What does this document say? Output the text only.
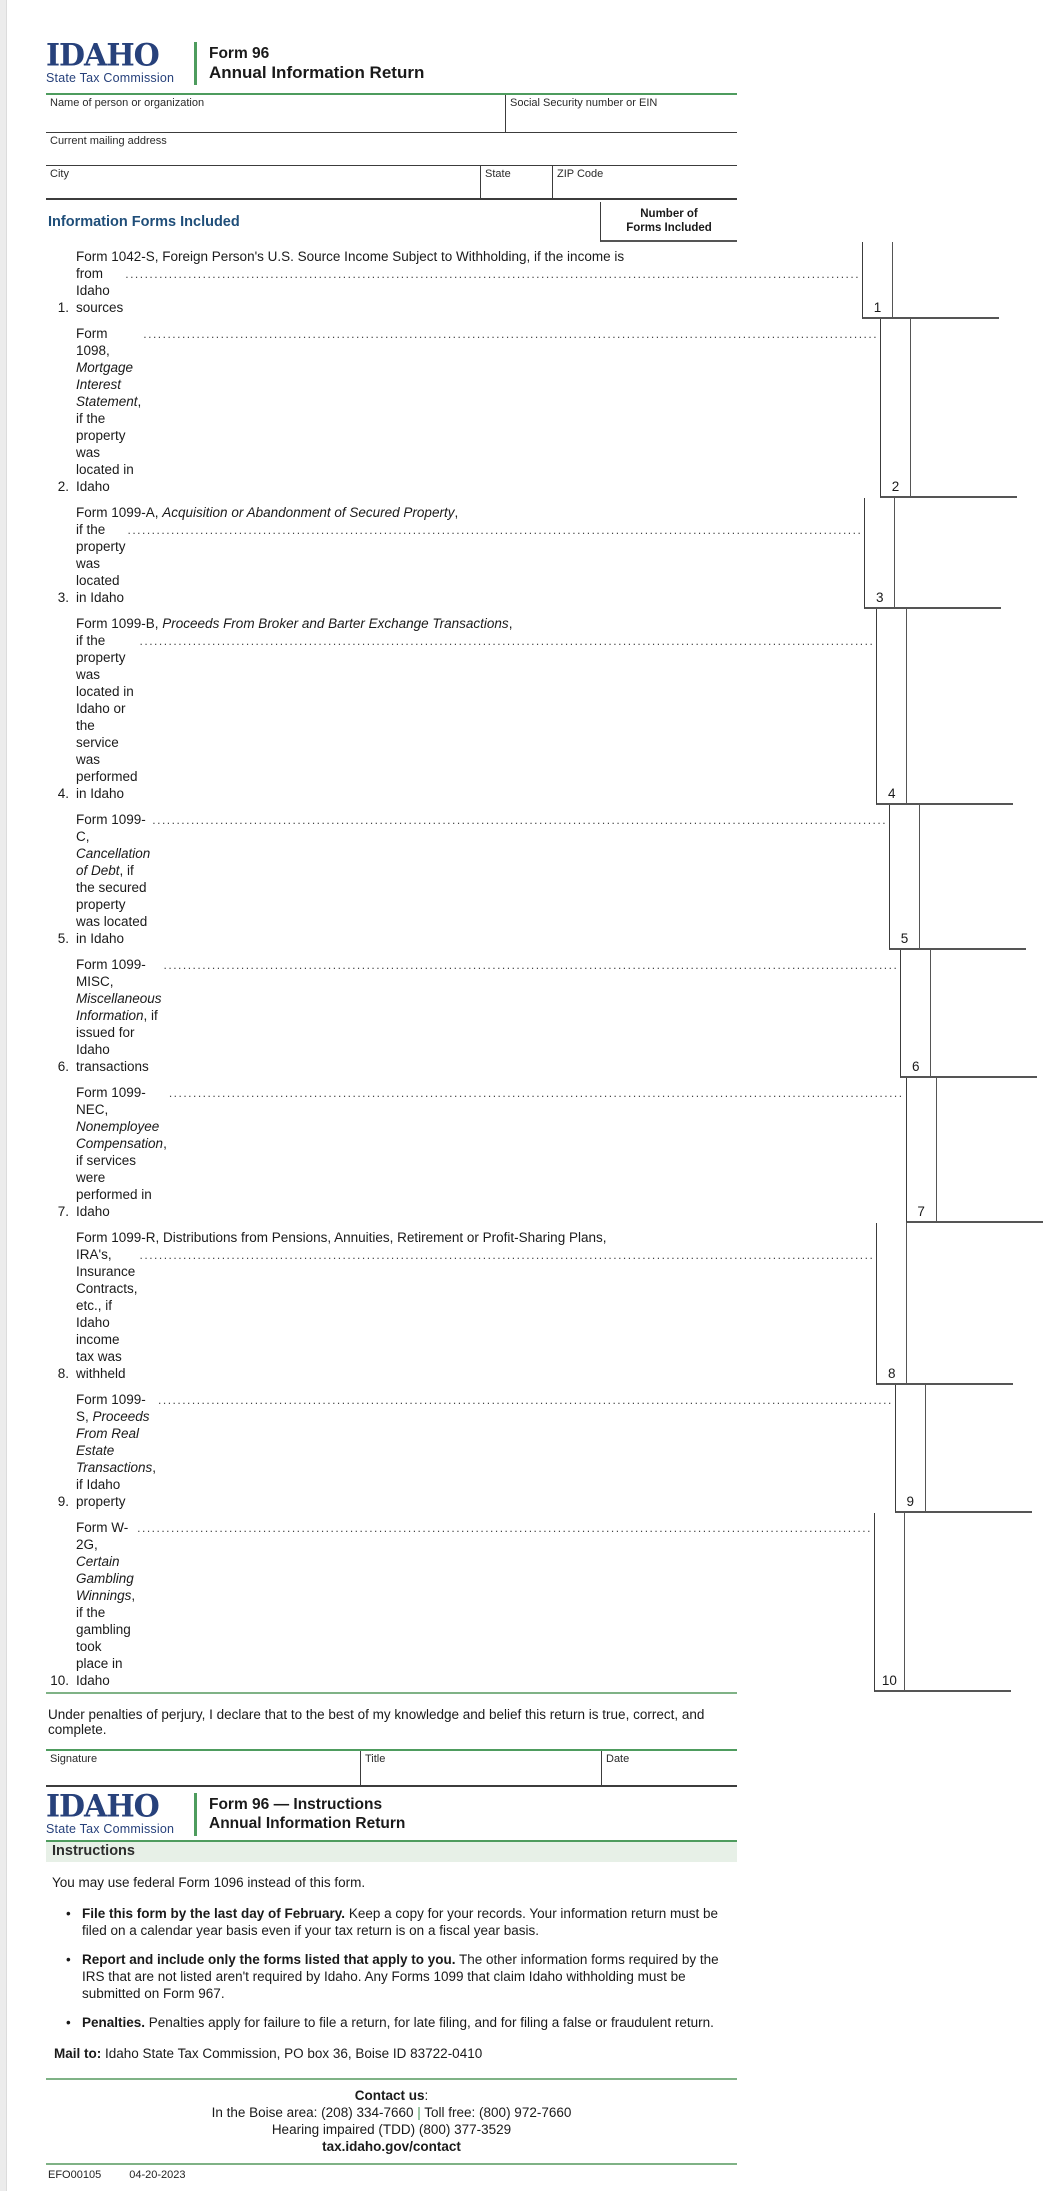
IDAHO
State Tax Commission
Form 96
Annual Information Return
Name of person or organization	Social Security number or EIN
Current mailing address
City	State	ZIP Code
Information Forms Included	Number of
Forms Included
1.
Form 1042-S, Foreign Person's U.S. Source Income Subject to Withholding, if the income is
from Idaho sources
.....	1
2.
Form 1098, Mortgage Interest Statement, if the property was located in Idaho
.....	2
3.
Form 1099-A, Acquisition or Abandonment of Secured Property,
if the property was located in Idaho
.....	3
4.
Form 1099-B, Proceeds From Broker and Barter Exchange Transactions,
if the property was located in Idaho or the service was performed in Idaho
.....	4
5.
Form 1099-C, Cancellation of Debt, if the secured property was located in Idaho
.....	5
6.
Form 1099-MISC, Miscellaneous Information, if issued for Idaho transactions
.....	6
7.
Form 1099-NEC, Nonemployee Compensation, if services were performed in Idaho
.....	7
8.
Form 1099-R, Distributions from Pensions, Annuities, Retirement or Profit-Sharing Plans,
IRA's, Insurance Contracts, etc., if Idaho income tax was withheld
.....	8
9.
Form 1099-S, Proceeds From Real Estate Transactions, if Idaho property
.....	9
10.
Form W-2G, Certain Gambling Winnings, if the gambling took place in Idaho
.....	10
Under penalties of perjury, I declare that to the best of my knowledge and belief this return is true, correct, and complete.
Signature	Title	Date
IDAHO
State Tax Commission
Form 96 — Instructions
Annual Information Return
Instructions
You may use federal Form 1096 instead of this form.
• File this form by the last day of February. Keep a copy for your records. Your information return must be filed on a calendar year basis even if your tax return is on a fiscal year basis.
• Report and include only the forms listed that apply to you. The other information forms required by the IRS that are not listed aren't required by Idaho. Any Forms 1099 that claim Idaho withholding must be submitted on Form 967.
• Penalties. Penalties apply for failure to file a return, for late filing, and for filing a false or fraudulent return.
Mail to: Idaho State Tax Commission, PO box 36, Boise ID 83722-0410
Contact us:
In the Boise area: (208) 334-7660 | Toll free: (800) 972-7660
Hearing impaired (TDD) (800) 377-3529
tax.idaho.gov/contact
EFO00105	04-20-2023
